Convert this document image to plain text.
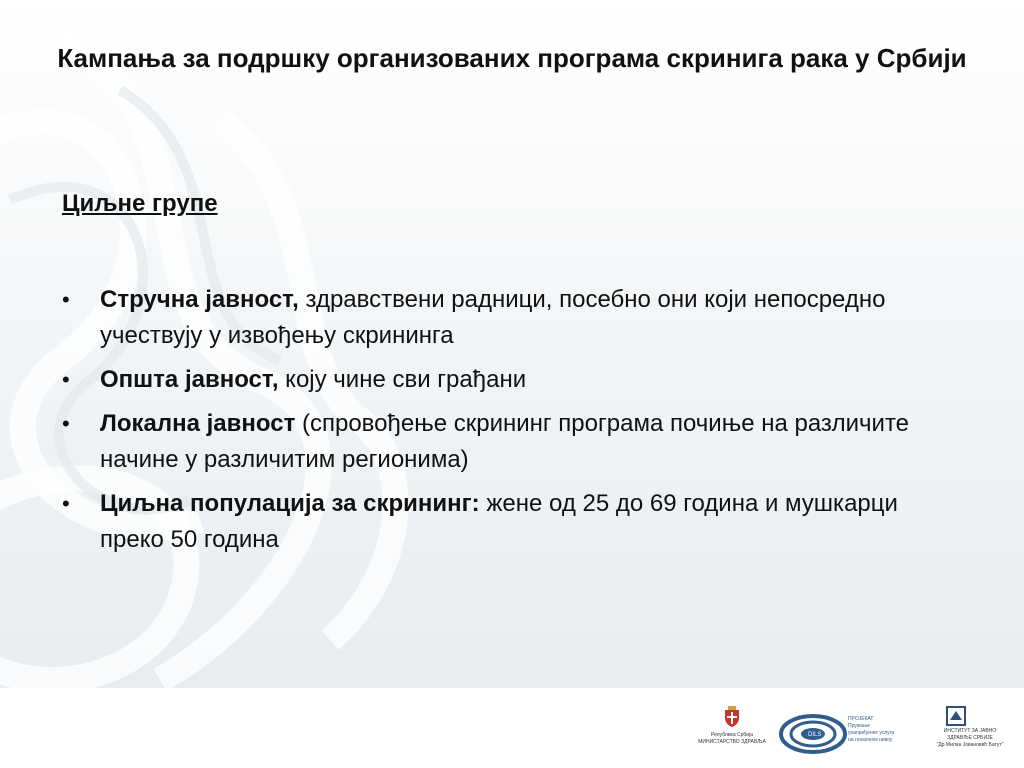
Кампања за подршку организованих програма скринига рака у Србији
Циљне групе
• Стручна јавност, здравствени радници, посебно они који непосредно учествују у извођењу скрининга
• Општа јавност, коју чине сви грађани
• Локална јавност (спровођење скрининг програма почиње на различите начине у различитим регионима)
• Циљна популација за скрининг: жене од 25 до 69 година и мушкарци преко 50 година
Република Србија
МИНИСТАРСТВО ЗДРАВЉА
DILS
ПРОЈЕКАТ
Пружање
унапређених услуга
на локалном нивоу
ИНСТИТУТ ЗА ЈАВНО ЗДРАВЉЕ СРБИЈЕ
"Др Милан Јовановић Батут"
